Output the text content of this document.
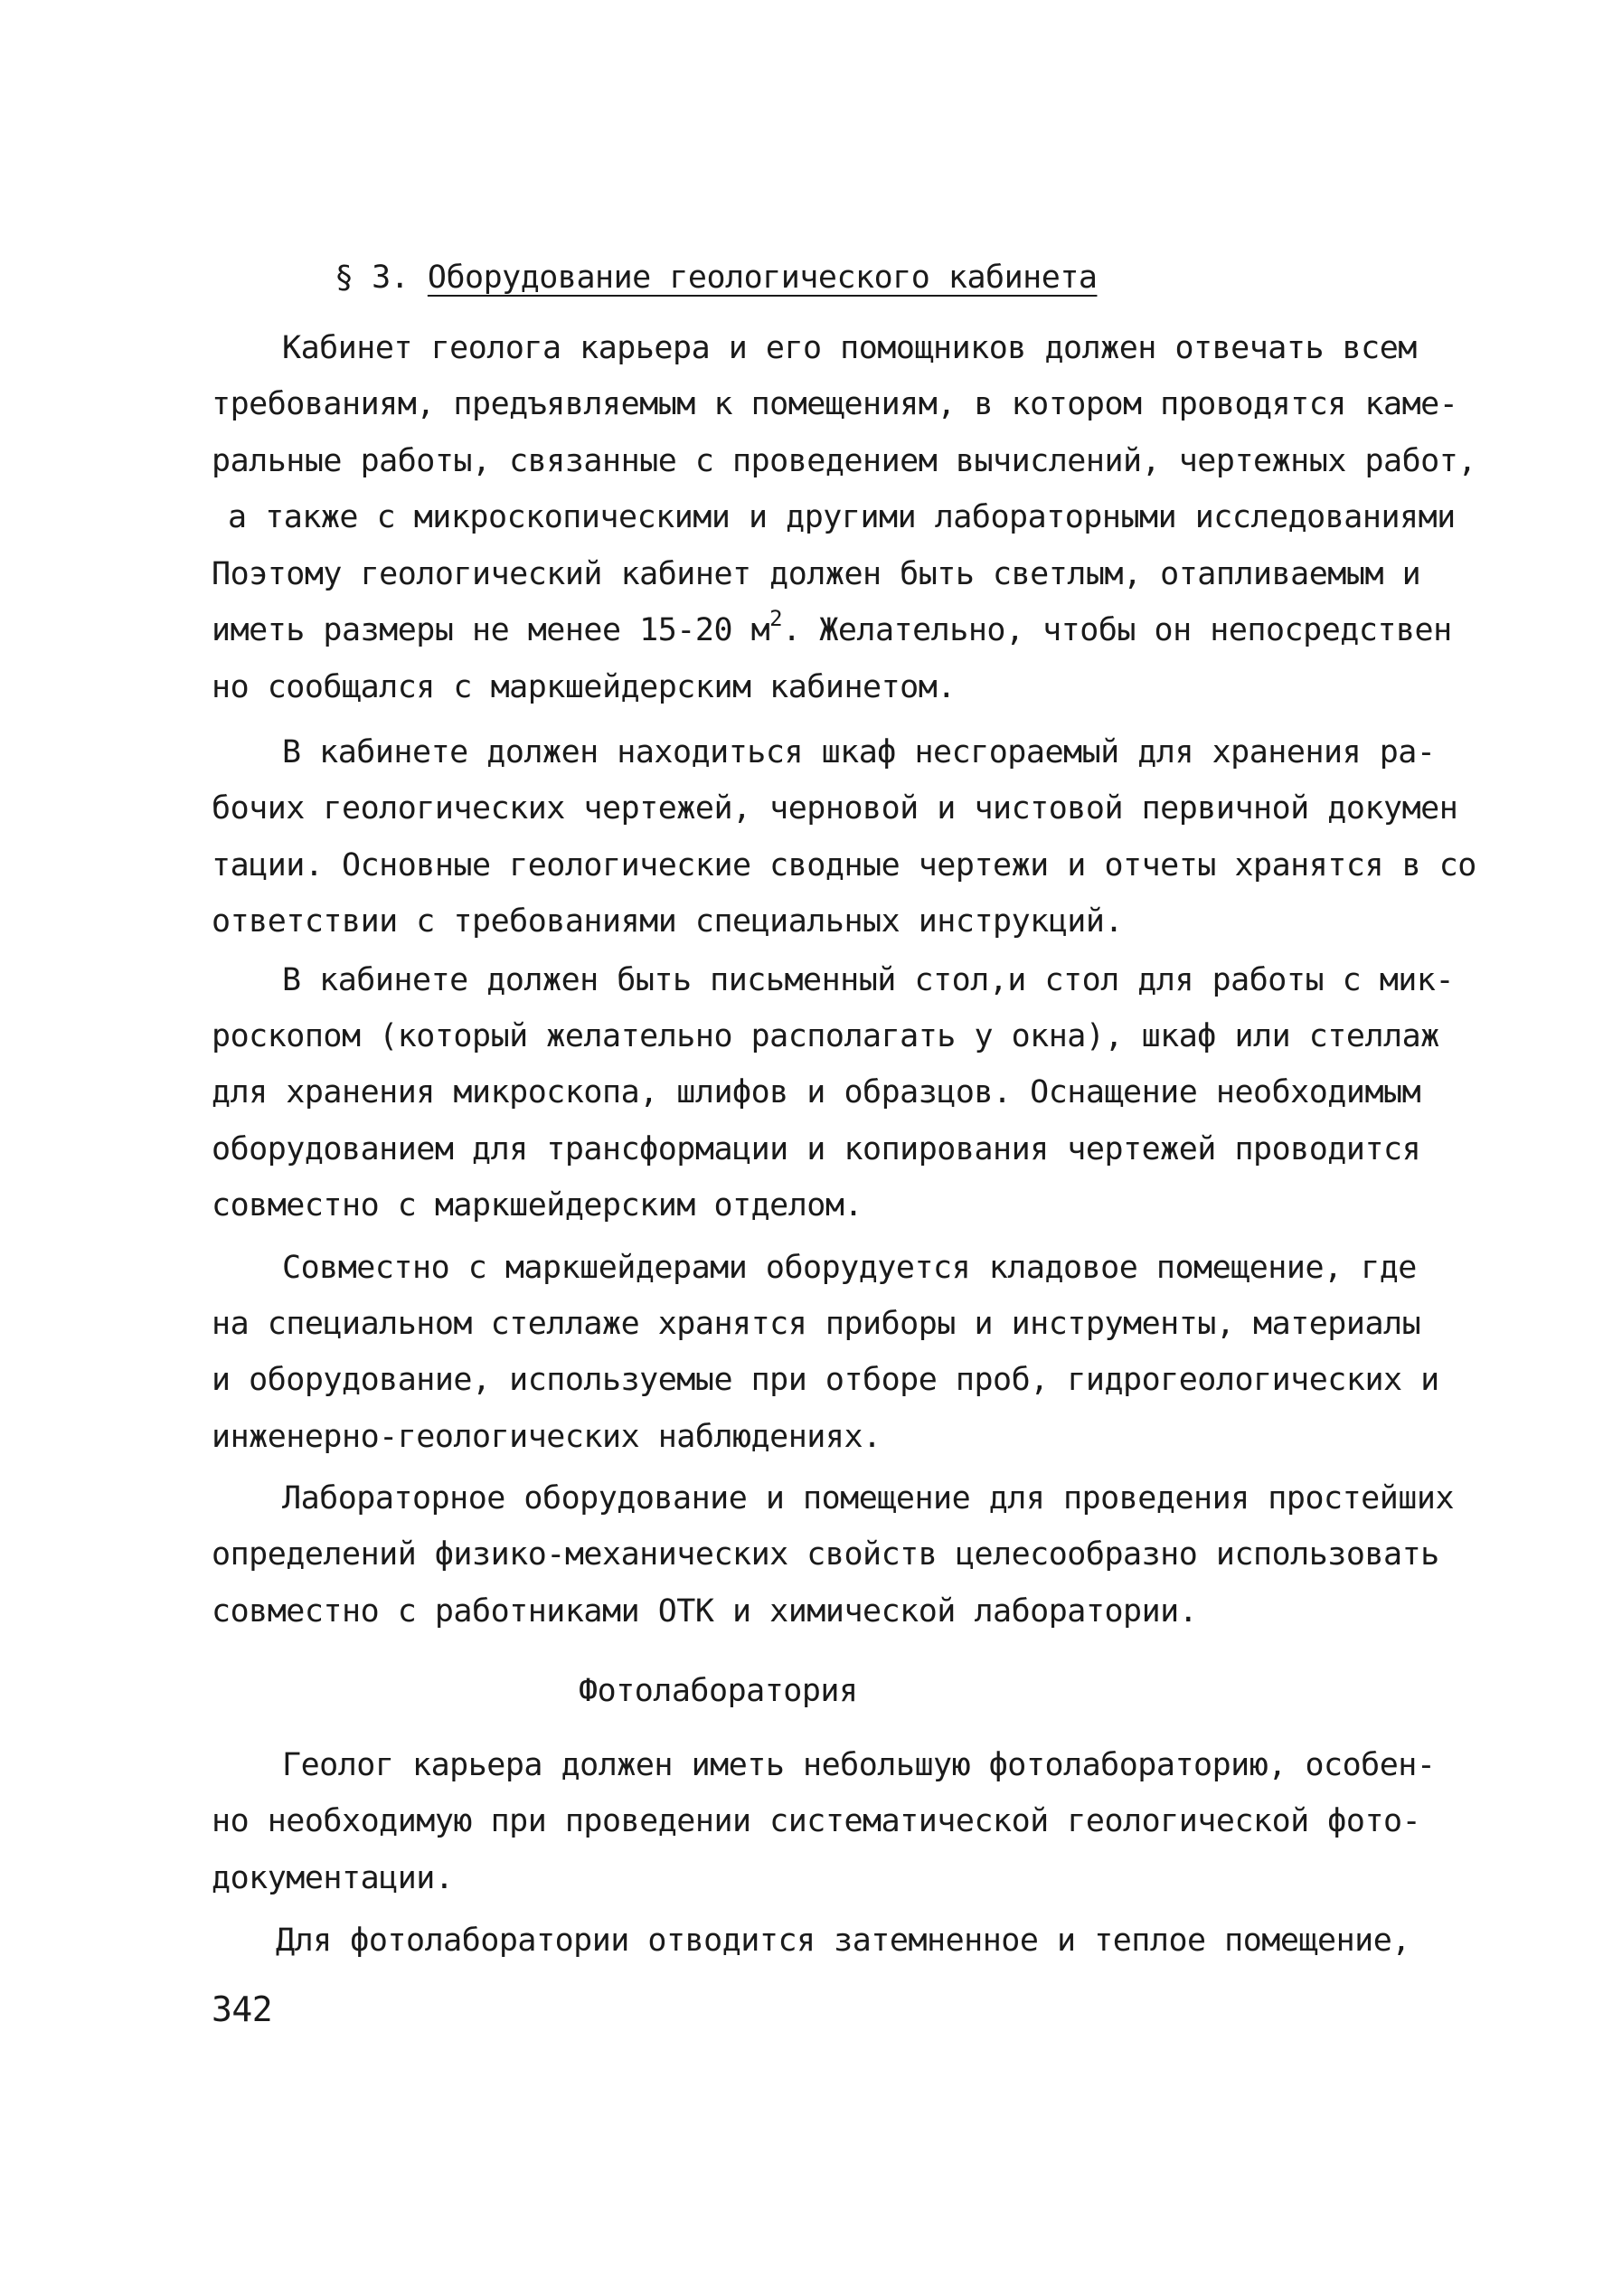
§ 3. Оборудование геологического кабинета
Кабинет геолога карьера и его помощников должен отвечать всем
требованиям, предъявляемым к помещениям, в котором проводятся каме-
ральные работы, связанные с проведением вычислений, чертежных работ,
а также с микроскопическими и другими лабораторными исследованиями
Поэтому геологический кабинет должен быть светлым, отапливаемым и
иметь размеры не менее 15-20 $м^2$. Желательно, чтобы он непосредствен
но сообщался с маркшейдерским кабинетом.
В кабинете должен находиться шкаф несгораемый для хранения ра-
бочих геологических чертежей, черновой и чистовой первичной докумен
тации. Основные геологические сводные чертежи и отчеты хранятся в со
ответствии с требованиями специальных инструкций.
В кабинете должен быть письменный стол,и стол для работы с мик-
роскопом (который желательно располагать у окна), шкаф или стеллаж
для хранения микроскопа, шлифов и образцов. Оснащение необходимым
оборудованием для трансформации и копирования чертежей проводится
совместно с маркшейдерским отделом.
Совместно с маркшейдерами оборудуется кладовое помещение, где
на специальном стеллаже хранятся приборы и инструменты, материалы
и оборудование, используемые при отборе проб, гидрогеологических и
инженерно-геологических наблюдениях.
Лабораторное оборудование и помещение для проведения простейших
определений физико-механических свойств целесообразно использовать
совместно с работниками ОТК и химической лаборатории.
Фотолаборатория
Геолог карьера должен иметь небольшую фотолабораторию, особен-
но необходимую при проведении систематической геологической фото-
документации.
Для фотолаборатории отводится затемненное и теплое помещение,
342
